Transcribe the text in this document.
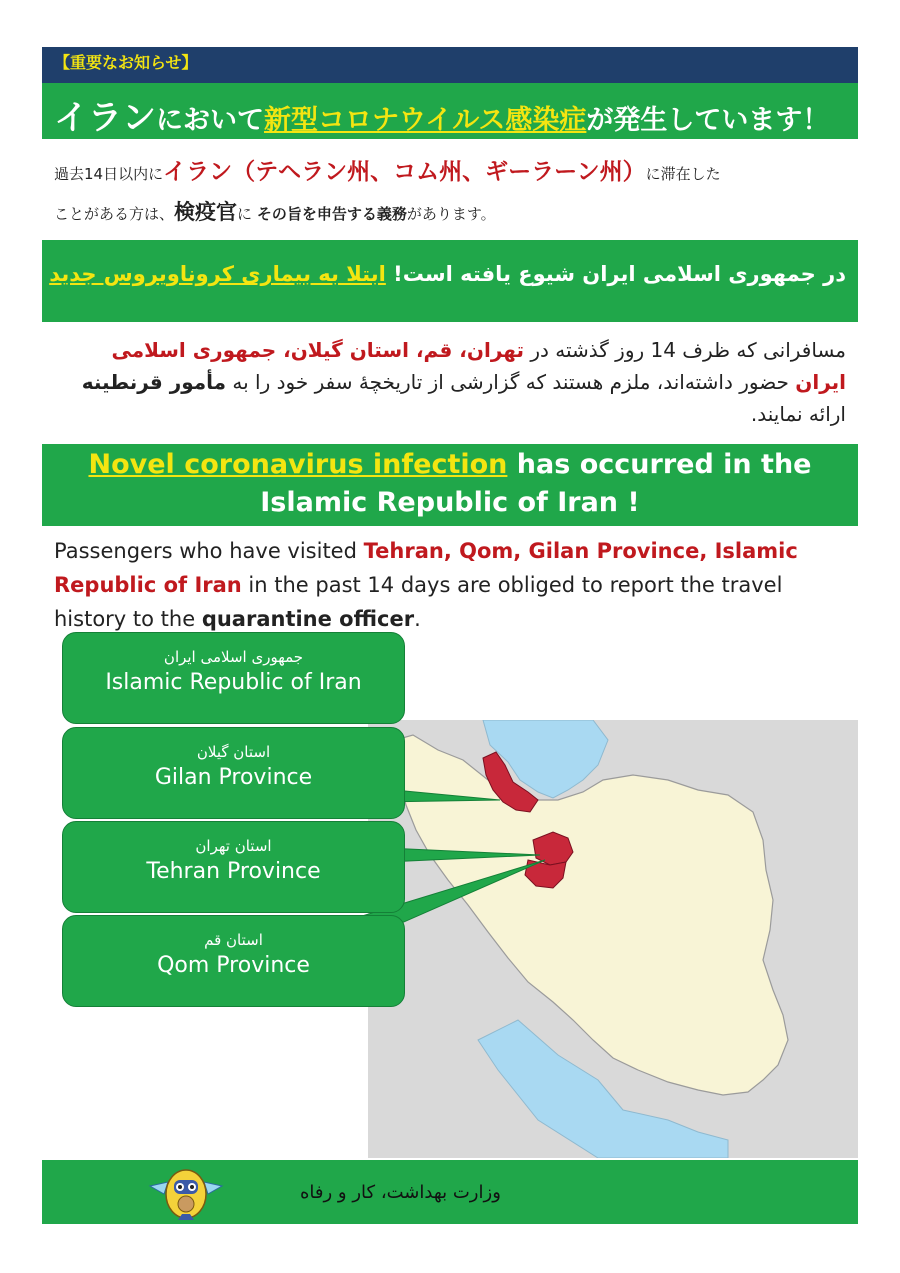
【重要なお知らせ】
イランにおいて新型コロナウイルス感染症が発生しています！
過去14日以内にイラン（テヘラン州、コム州、ギーラーン州）に滞在した
ことがある方は、検疫官に その旨を申告する義務があります。
در جمهوری اسلامی ایران شیوع یافته است! ابتلا به بیماری کروناویروس جدید
مسافرانی که ظرف 14 روز گذشته در تهران، قم، استان گیلان، جمهوری اسلامی ایران حضور داشته‌اند، ملزم هستند که گزارشی از تاریخچهٔ سفر خود را به مأمور قرنطینه ارائه نمایند.
Novel coronavirus infection has occurred in the Islamic Republic of Iran !
Passengers who have visited Tehran, Qom, Gilan Province, Islamic Republic of Iran in the past 14 days are obliged to report the travel history to the quarantine officer.
جمهوری اسلامی ایران
Islamic Republic of Iran
استان گیلان
Gilan Province
استان تهران
Tehran Province
استان قم
Qom Province
وزارت بهداشت، کار و رفاه
